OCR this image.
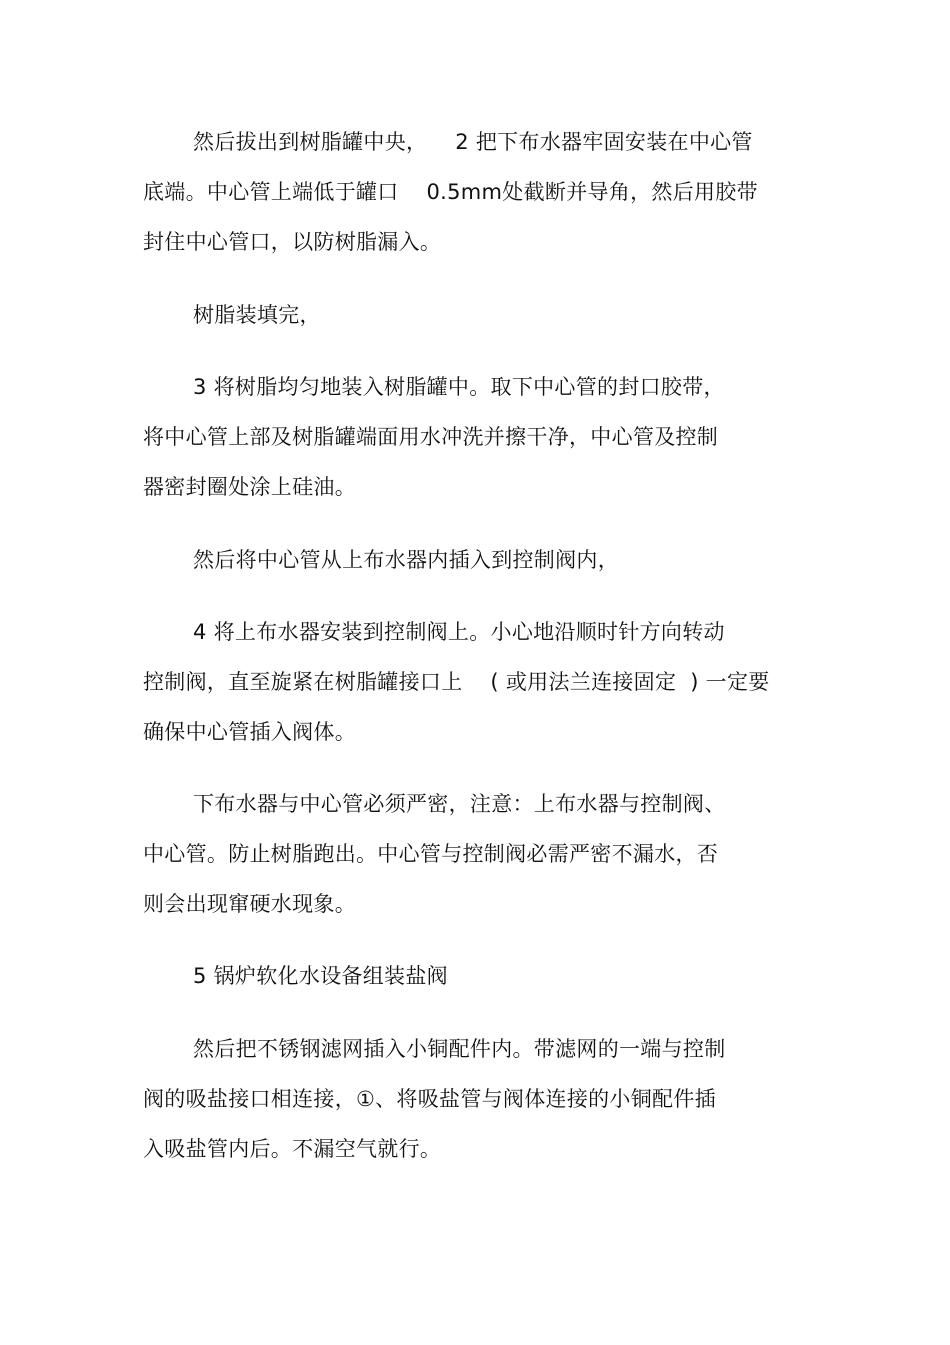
然后拔出到树脂罐中央，    2 把下布水器牢固安装在中心管
底端。中心管上端低于罐口    0.5mm处截断并导角，然后用胶带
封住中心管口，以防树脂漏入。
树脂装填完，
3 将树脂均匀地装入树脂罐中。取下中心管的封口胶带，
将中心管上部及树脂罐端面用水冲洗并擦干净，中心管及控制
器密封圈处涂上硅油。
然后将中心管从上布水器内插入到控制阀内，
4 将上布水器安装到控制阀上。小心地沿顺时针方向转动
控制阀，直至旋紧在树脂罐接口上    ( 或用法兰连接固定  ) 一定要
确保中心管插入阀体。
下布水器与中心管必须严密，注意：上布水器与控制阀、
中心管。防止树脂跑出。中心管与控制阀必需严密不漏水，否
则会出现窜硬水现象。
5 锅炉软化水设备组装盐阀
然后把不锈钢滤网插入小铜配件内。带滤网的一端与控制
阀的吸盐接口相连接，①、将吸盐管与阀体连接的小铜配件插
入吸盐管内后。不漏空气就行。
